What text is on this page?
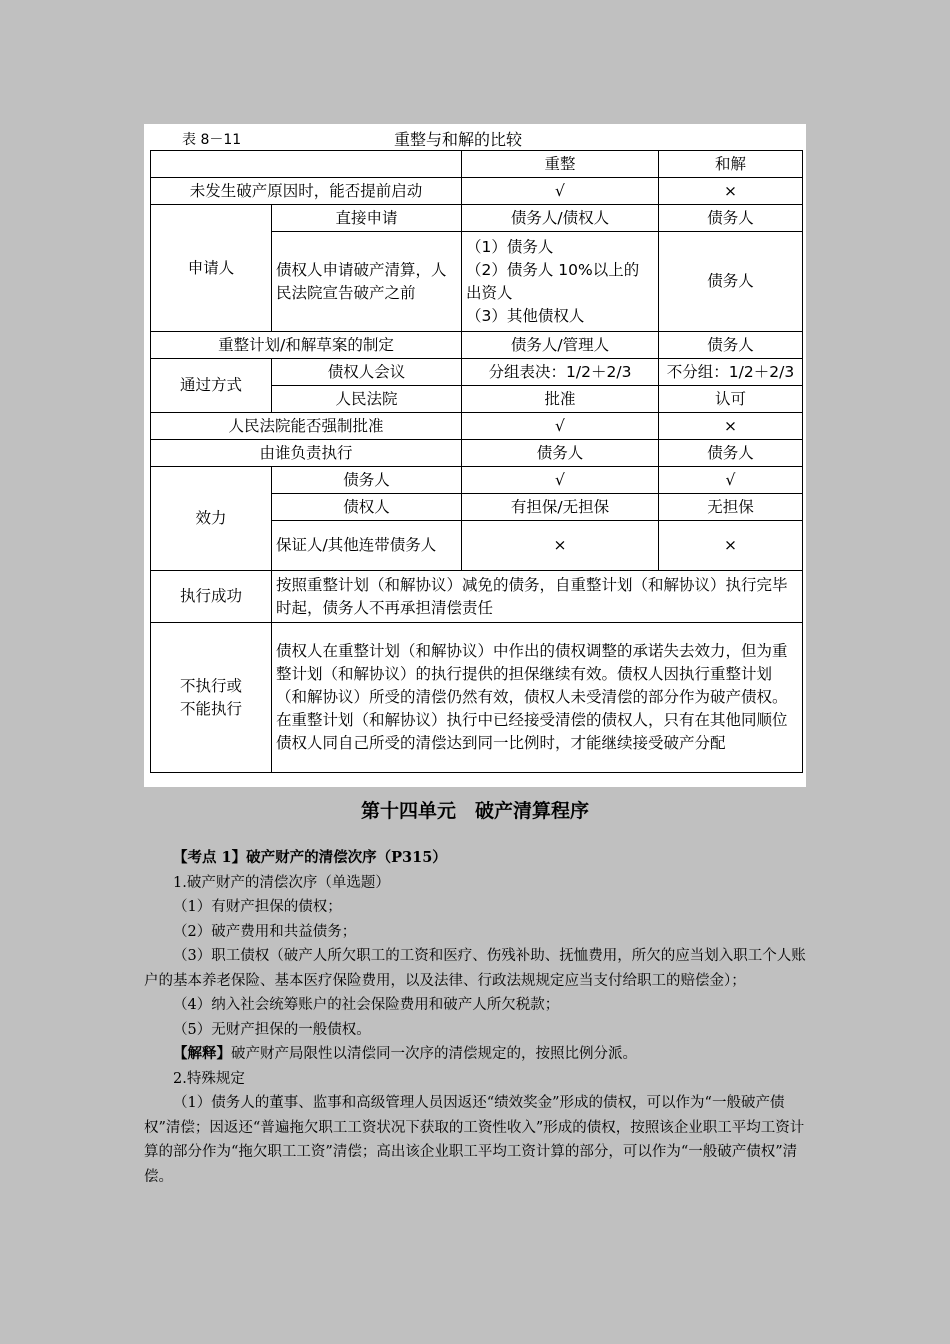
表 8－11	重整与和解的比较
		重整	和解
未发生破产原因时，能否提前启动		√	×
申请人	直接申请	债务人/债权人	债务人
	债权人申请破产清算，人民法院宣告破产之前	（1）债务人
（2）债务人 10%以上的出资人
（3）其他债权人	债务人
重整计划/和解草案的制定		债务人/管理人	债务人
通过方式	债权人会议	分组表决：1/2＋2/3	不分组：1/2＋2/3
	人民法院	批准	认可
人民法院能否强制批准		√	×
由谁负责执行		债务人	债务人
效力	债务人	√	√
	债权人	有担保/无担保	无担保
	保证人/其他连带债务人	×	×
执行成功	按照重整计划（和解协议）减免的债务，自重整计划（和解协议）执行完毕时起，债务人不再承担清偿责任		

不执行或
不能执行	债权人在重整计划（和解协议）中作出的债权调整的承诺失去效力，但为重整计划（和解协议）的执行提供的担保继续有效。债权人因执行重整计划（和解协议）所受的清偿仍然有效，债权人未受清偿的部分作为破产债权。在重整计划（和解协议）执行中已经接受清偿的债权人，只有在其他同顺位债权人同自己所受的清偿达到同一比例时，才能继续接受破产分配		
第十四单元　破产清算程序

【考点 1】破产财产的清偿次序（P315）

1.破产财产的清偿次序（单选题）

（1）有财产担保的债权；

（2）破产费用和共益债务；

（3）职工债权（破产人所欠职工的工资和医疗、伤残补助、抚恤费用，所欠的应当划入职工个人账户的基本养老保险、基本医疗保险费用，以及法律、行政法规规定应当支付给职工的赔偿金）；

（4）纳入社会统筹账户的社会保险费用和破产人所欠税款；

（5）无财产担保的一般债权。

【解释】破产财产局限性以清偿同一次序的清偿规定的，按照比例分派。

2.特殊规定

（1）债务人的董事、监事和高级管理人员因返还“绩效奖金”形成的债权，可以作为“一般破产债权”清偿；因返还“普遍拖欠职工工资状况下获取的工资性收入”形成的债权，按照该企业职工平均工资计算的部分作为“拖欠职工工资”清偿；高出该企业职工平均工资计算的部分，可以作为“一般破产债权”清偿。
